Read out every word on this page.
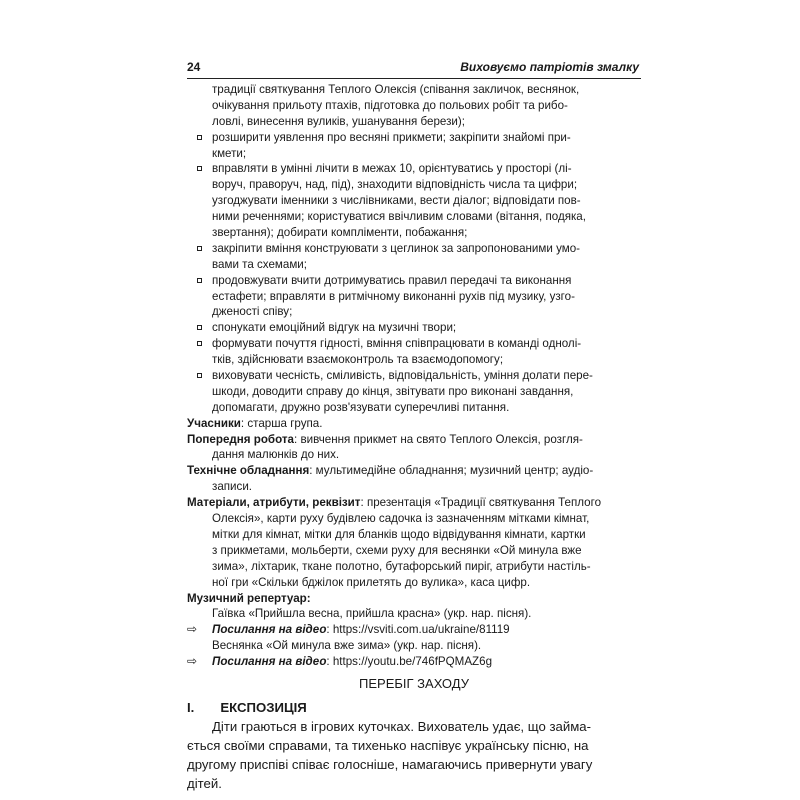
24	Виховуємо патріотів змалку
традиції святкування Теплого Олексія (співання закличок, веснянок,
очікування прильоту птахів, підготовка до польових робіт та рибо-
ловлі, винесення вуликів, ушанування берези);
розширити уявлення про весняні прикмети; закріпити знайомі при-
кмети;
вправляти в умінні лічити в межах 10, орієнтуватись у просторі (лі-
воруч, праворуч, над, під), знаходити відповідність числа та цифри;
узгоджувати іменники з числівниками, вести діалог; відповідати пов-
ними реченнями; користуватися ввічливим словами (вітання, подяка,
звертання); добирати компліменти, побажання;
закріпити вміння конструювати з цеглинок за запропонованими умо-
вами та схемами;
продовжувати вчити дотримуватись правил передачі та виконання
естафети; вправляти в ритмічному виконанні рухів під музику, узго-
дженості співу;
спонукати емоційний відгук на музичні твори;
формувати почуття гідності, вміння співпрацювати в команді однолі-
тків, здійснювати взаємоконтроль та взаємодопомогу;
виховувати чесність, сміливість, відповідальність, уміння долати пере-
шкоди, доводити справу до кінця, звітувати про виконані завдання,
допомагати, дружно розв'язувати суперечливі питання.
Учасники: старша група.
Попередня робота: вивчення прикмет на свято Теплого Олексія, розгля-
дання малюнків до них.
Технічне обладнання: мультимедійне обладнання; музичний центр; аудіо-
записи.
Матеріали, атрибути, реквізит: презентація «Традиції святкування Теплого
Олексія», карти руху будівлею садочка із зазначенням мітками кімнат,
мітки для кімнат, мітки для бланків щодо відвідування кімнати, картки
з прикметами, мольберти, схеми руху для веснянки «Ой минула вже
зима», ліхтарик, ткане полотно, бутафорський пиріг, атрибути настіль-
ної гри «Скільки бджілок прилетять до вулика», каса цифр.
Музичний репертуар:
Гаївка «Прийшла весна, прийшла красна» (укр. нар. пісня).
⇨ Посилання на відео: https://vsviti.com.ua/ukraine/81119
Веснянка «Ой минула вже зима» (укр. нар. пісня).
⇨ Посилання на відео: https://youtu.be/746fPQMAZ6g
ПЕРЕБІГ ЗАХОДУ
I. ЕКСПОЗИЦІЯ
Діти граються в ігрових куточках. Вихователь удає, що займа-
ється своїми справами, та тихенько наспівує українську пісню, на
другому приспіві співає голосніше, намагаючись привернути увагу
дітей.
